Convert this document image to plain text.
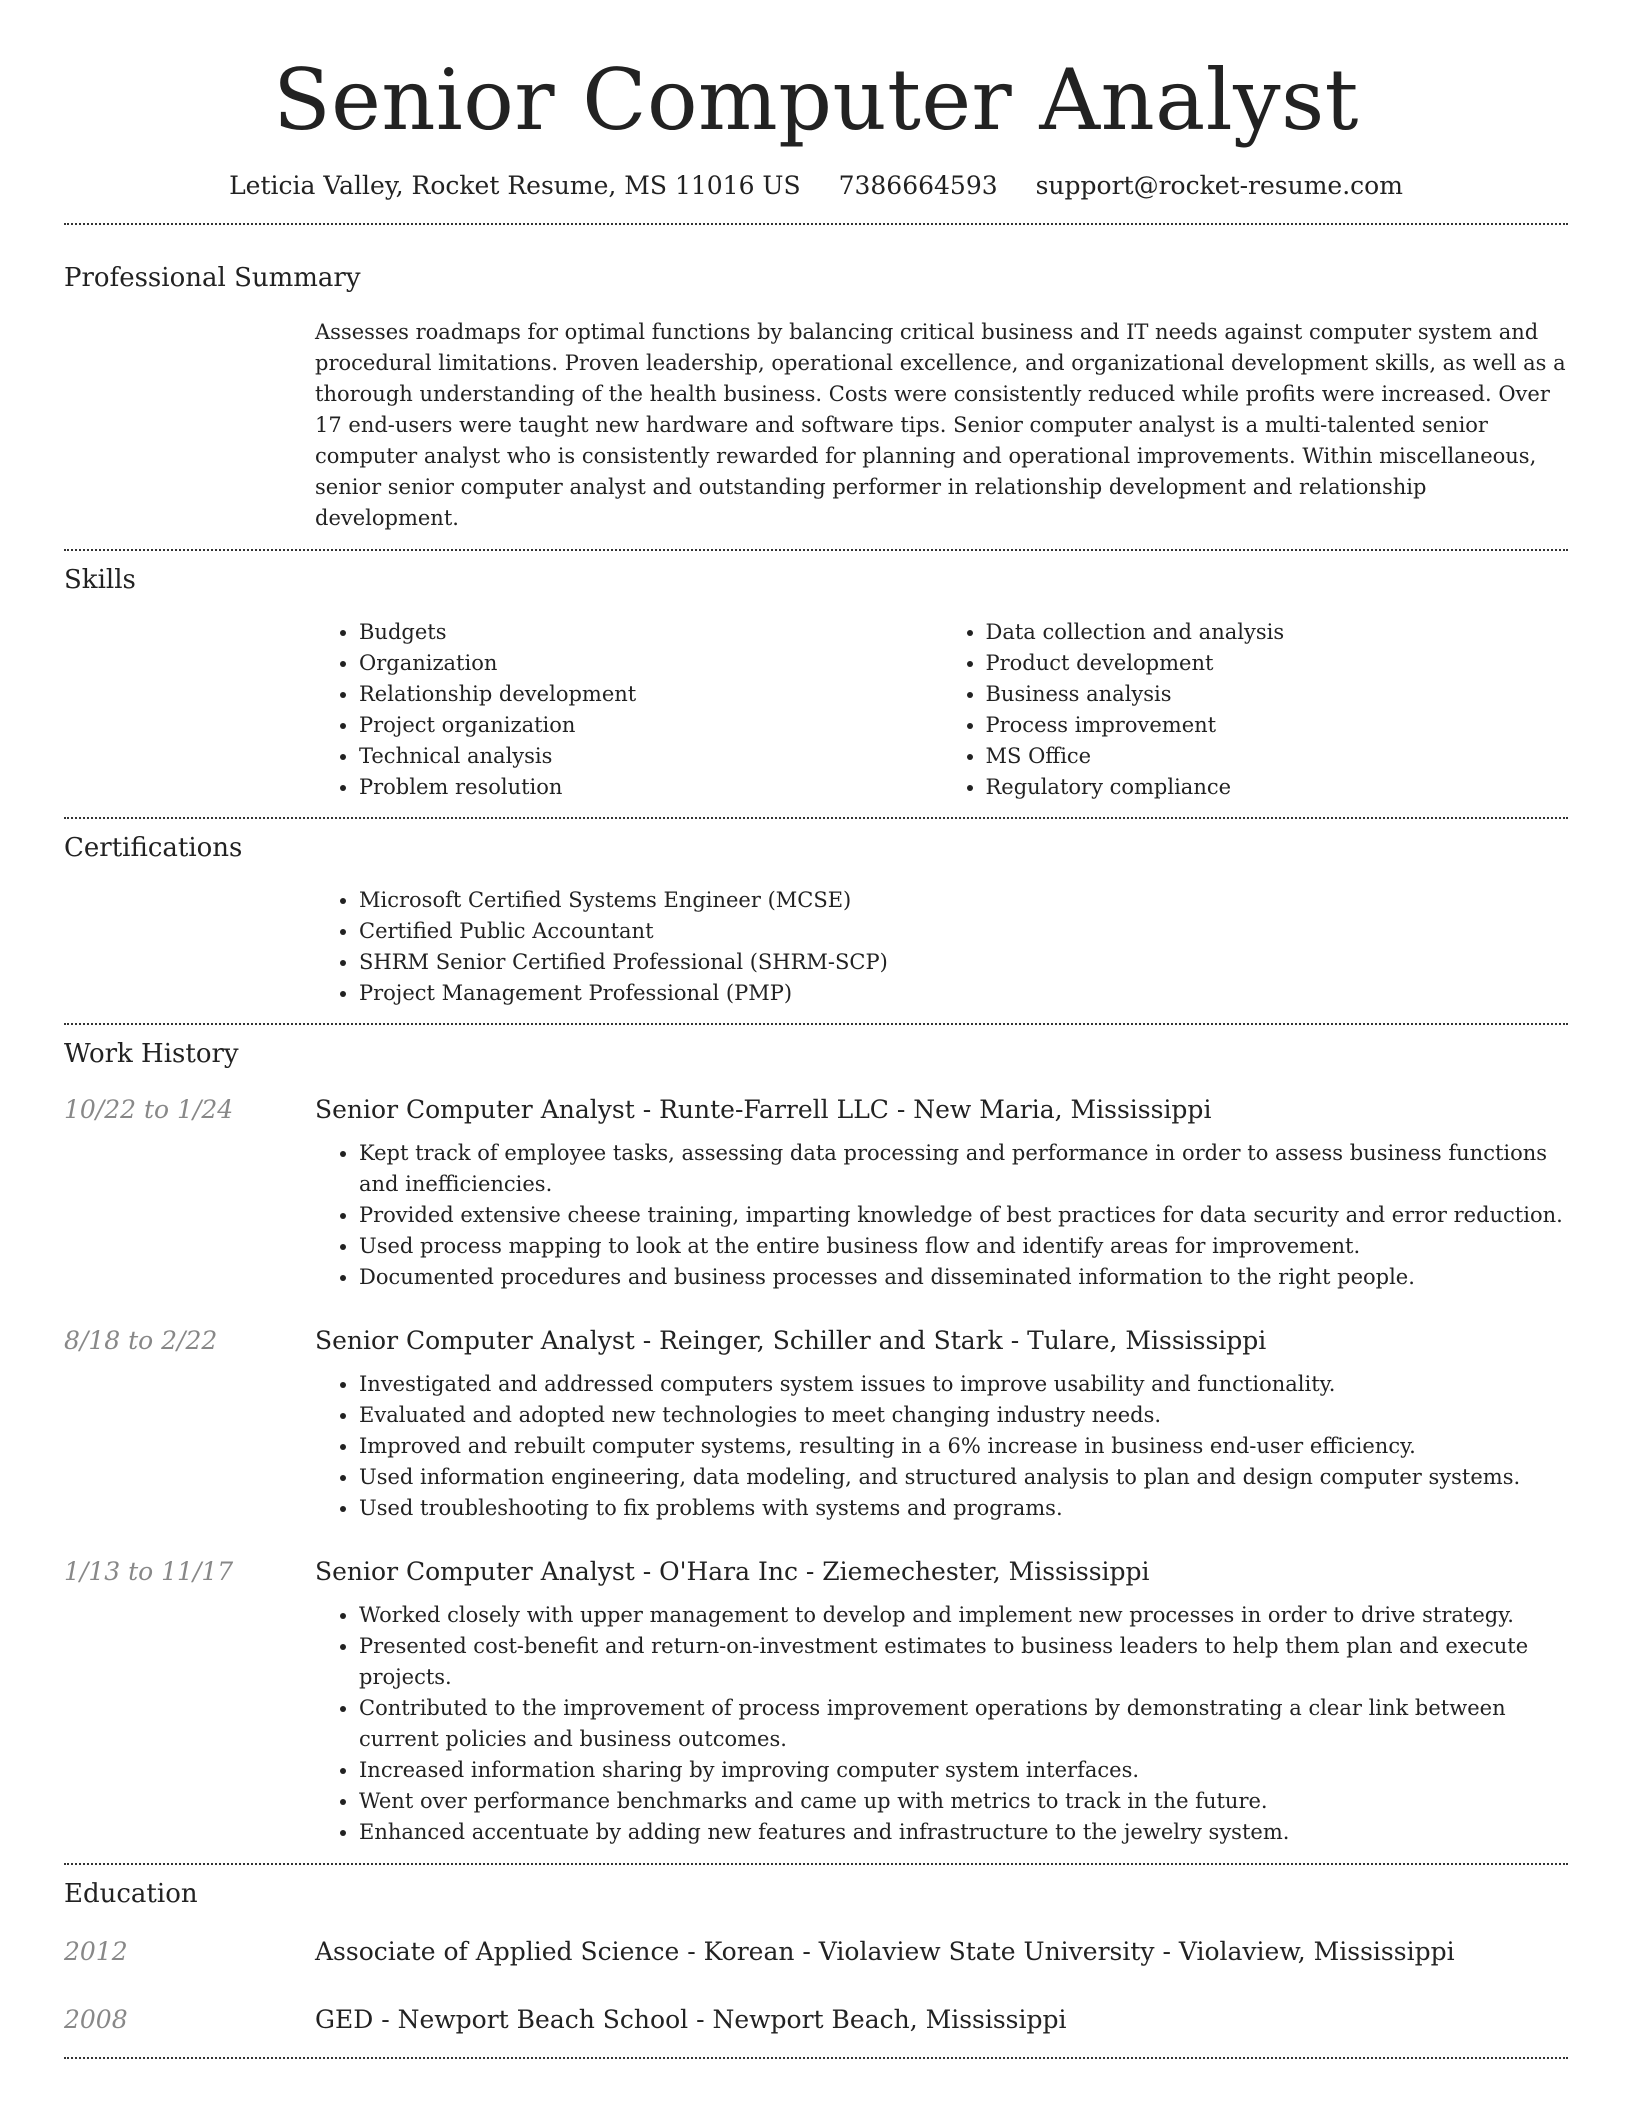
Senior Computer Analyst
Leticia Valley, Rocket Resume, MS 11016 US 7386664593 support@rocket-resume.com
Professional Summary

Assesses roadmaps for optimal functions by balancing critical business and IT needs against computer system and procedural limitations. Proven leadership, operational excellence, and organizational development skills, as well as a thorough understanding of the health business. Costs were consistently reduced while profits were increased. Over 17 end-users were taught new hardware and software tips. Senior computer analyst is a multi-talented senior computer analyst who is consistently rewarded for planning and operational improvements. Within miscellaneous, senior senior computer analyst and outstanding performer in relationship development and relationship development.

Skills
• Budgets
• Organization
• Relationship development
• Project organization
• Technical analysis
• Problem resolution
• Data collection and analysis
• Product development
• Business analysis
• Process improvement
• MS Office
• Regulatory compliance
Certifications
• Microsoft Certified Systems Engineer (MCSE)
• Certified Public Accountant
• SHRM Senior Certified Professional (SHRM-SCP)
• Project Management Professional (PMP)
Work History
10/22 to 1/24	Senior Computer Analyst - Runte-Farrell LLC - New Maria, Mississippi
• Kept track of employee tasks, assessing data processing and performance in order to assess business functions and inefficiencies.
• Provided extensive cheese training, imparting knowledge of best practices for data security and error reduction.
• Used process mapping to look at the entire business flow and identify areas for improvement.
• Documented procedures and business processes and disseminated information to the right people.
8/18 to 2/22	Senior Computer Analyst - Reinger, Schiller and Stark - Tulare, Mississippi
• Investigated and addressed computers system issues to improve usability and functionality.
• Evaluated and adopted new technologies to meet changing industry needs.
• Improved and rebuilt computer systems, resulting in a 6% increase in business end-user efficiency.
• Used information engineering, data modeling, and structured analysis to plan and design computer systems.
• Used troubleshooting to fix problems with systems and programs.
1/13 to 11/17	Senior Computer Analyst - O'Hara Inc - Ziemechester, Mississippi
• Worked closely with upper management to develop and implement new processes in order to drive strategy.
• Presented cost-benefit and return-on-investment estimates to business leaders to help them plan and execute projects.
• Contributed to the improvement of process improvement operations by demonstrating a clear link between current policies and business outcomes.
• Increased information sharing by improving computer system interfaces.
• Went over performance benchmarks and came up with metrics to track in the future.
• Enhanced accentuate by adding new features and infrastructure to the jewelry system.
Education
2012	Associate of Applied Science - Korean - Violaview State University - Violaview, Mississippi
2008	GED - Newport Beach School - Newport Beach, Mississippi
